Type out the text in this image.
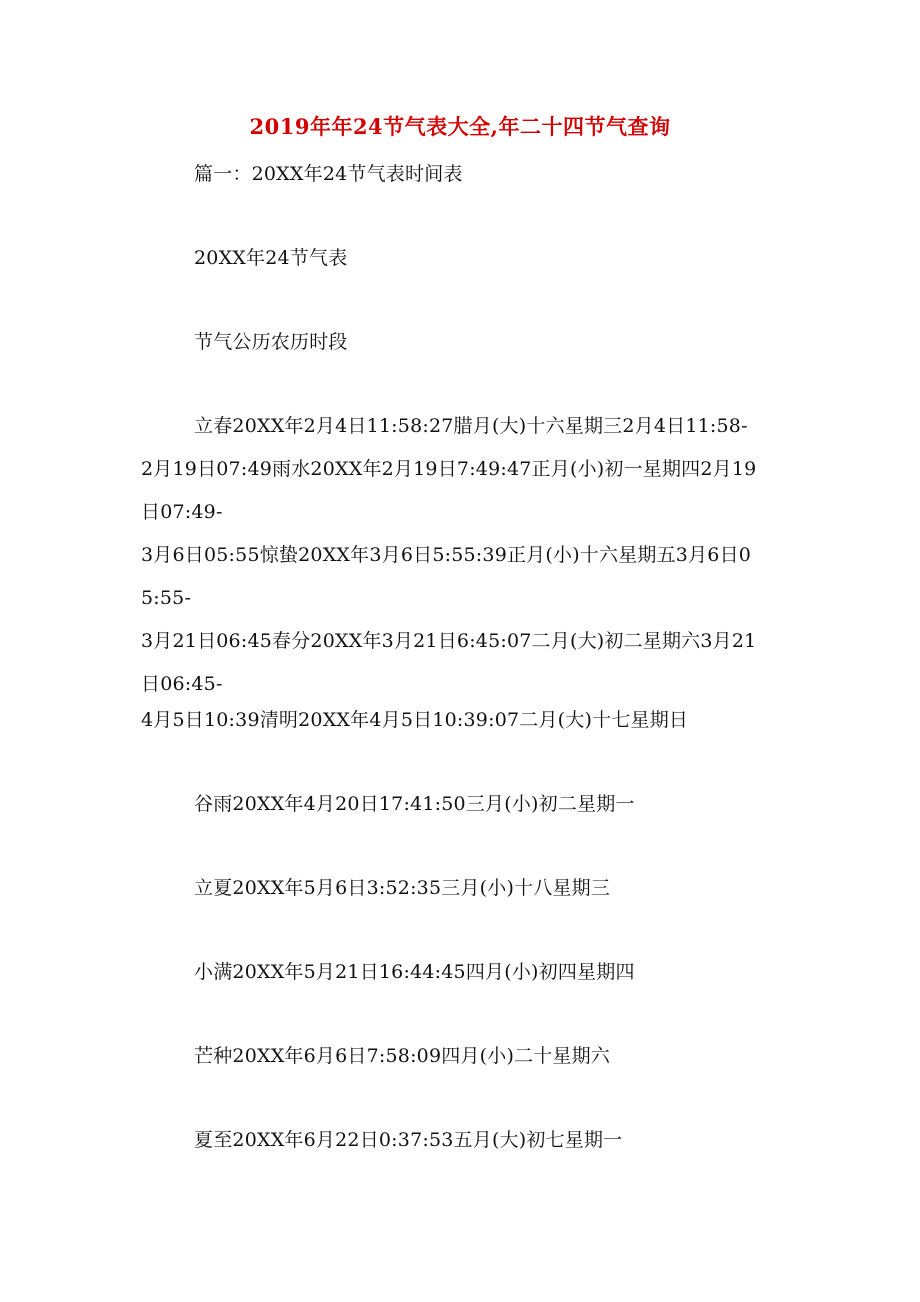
2019年年24节气表大全,年二十四节气查询
篇一：20XX年24节气表时间表
20XX年24节气表
节气公历农历时段
立春20XX年2月4日11:58:27腊月(大)十六星期三2月4日11:58-
2月19日07:49雨水20XX年2月19日7:49:47正月(小)初一星期四2月19
日07:49-
3月6日05:55惊蛰20XX年3月6日5:55:39正月(小)十六星期五3月6日0
5:55-
3月21日06:45春分20XX年3月21日6:45:07二月(大)初二星期六3月21
日06:45-
4月5日10:39清明20XX年4月5日10:39:07二月(大)十七星期日
谷雨20XX年4月20日17:41:50三月(小)初二星期一
立夏20XX年5月6日3:52:35三月(小)十八星期三
小满20XX年5月21日16:44:45四月(小)初四星期四
芒种20XX年6月6日7:58:09四月(小)二十星期六
夏至20XX年6月22日0:37:53五月(大)初七星期一
